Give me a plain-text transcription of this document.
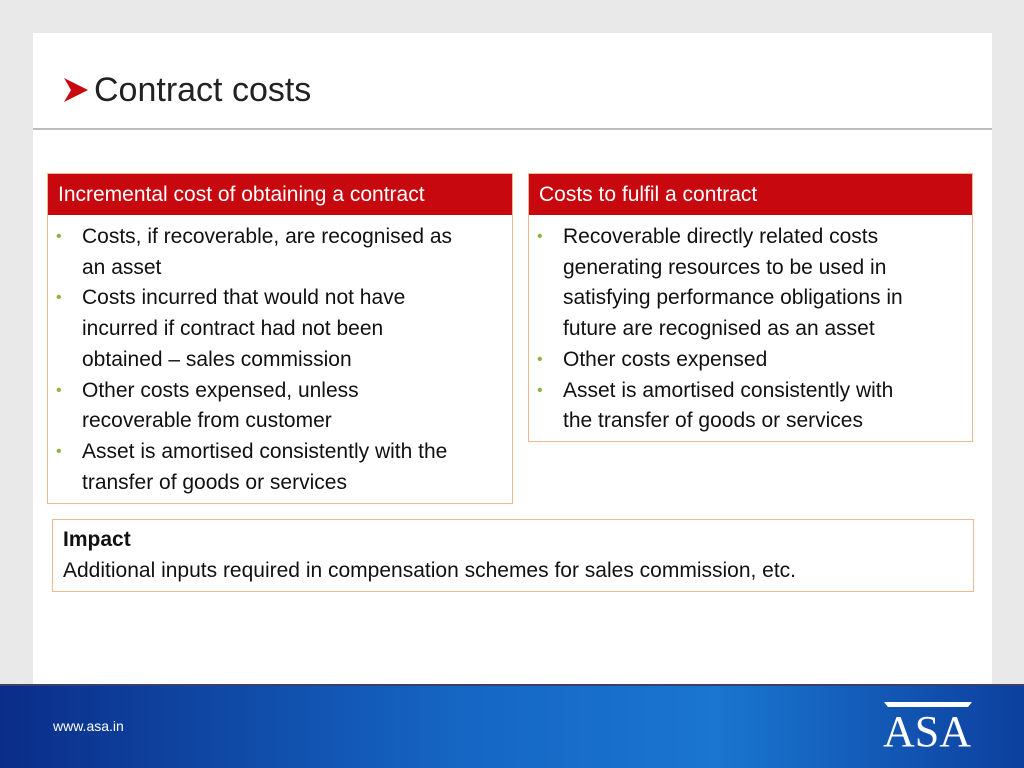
Contract costs
Incremental cost of obtaining a contract
• Costs, if recoverable, are recognised as
an asset
• Costs incurred that would not have
incurred if contract had not been
obtained – sales commission
• Other costs expensed, unless
recoverable from customer
• Asset is amortised consistently with the
transfer of goods or services
Costs to fulfil a contract
• Recoverable directly related costs
generating resources to be used in
satisfying performance obligations in
future are recognised as an asset
• Other costs expensed
• Asset is amortised consistently with
the transfer of goods or services
Impact
Additional inputs required in compensation schemes for sales commission, etc.
www.asa.in	ASA
